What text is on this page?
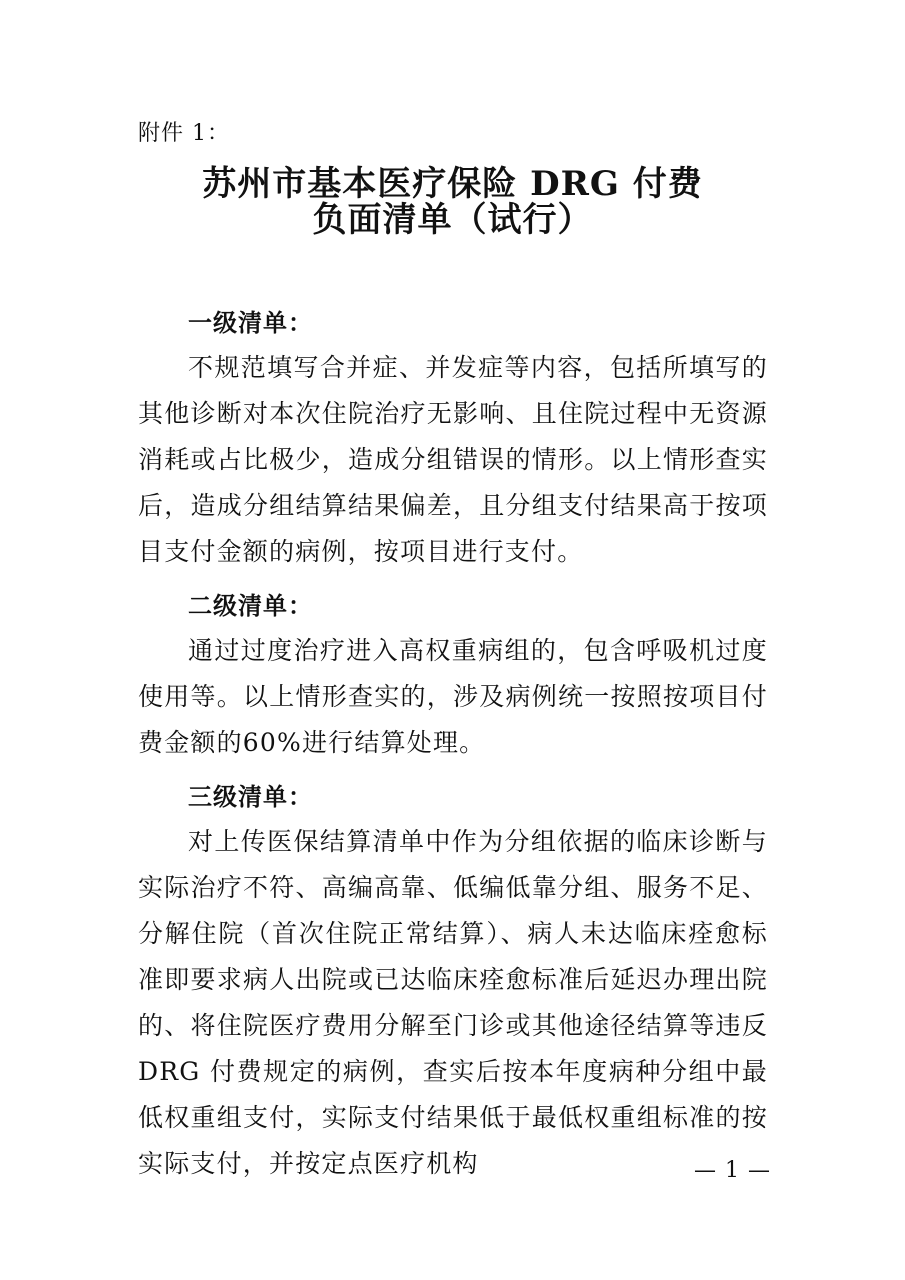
附件 1：
苏州市基本医疗保险 DRG 付费
负面清单（试行）

一级清单：

不规范填写合并症、并发症等内容，包括所填写的其他诊断对本次住院治疗无影响、且住院过程中无资源消耗或占比极少，造成分组错误的情形。以上情形查实后，造成分组结算结果偏差，且分组支付结果高于按项目支付金额的病例，按项目进行支付。

二级清单：

通过过度治疗进入高权重病组的，包含呼吸机过度使用等。以上情形查实的，涉及病例统一按照按项目付费金额的60%进行结算处理。

三级清单：

对上传医保结算清单中作为分组依据的临床诊断与实际治疗不符、高编高靠、低编低靠分组、服务不足、分解住院（首次住院正常结算）、病人未达临床痊愈标准即要求病人出院或已达临床痊愈标准后延迟办理出院的、将住院医疗费用分解至门诊或其他途径结算等违反 DRG 付费规定的病例，查实后按本年度病种分组中最低权重组支付，实际支付结果低于最低权重组标准的按实际支付，并按定点医疗机构	— 1 —
